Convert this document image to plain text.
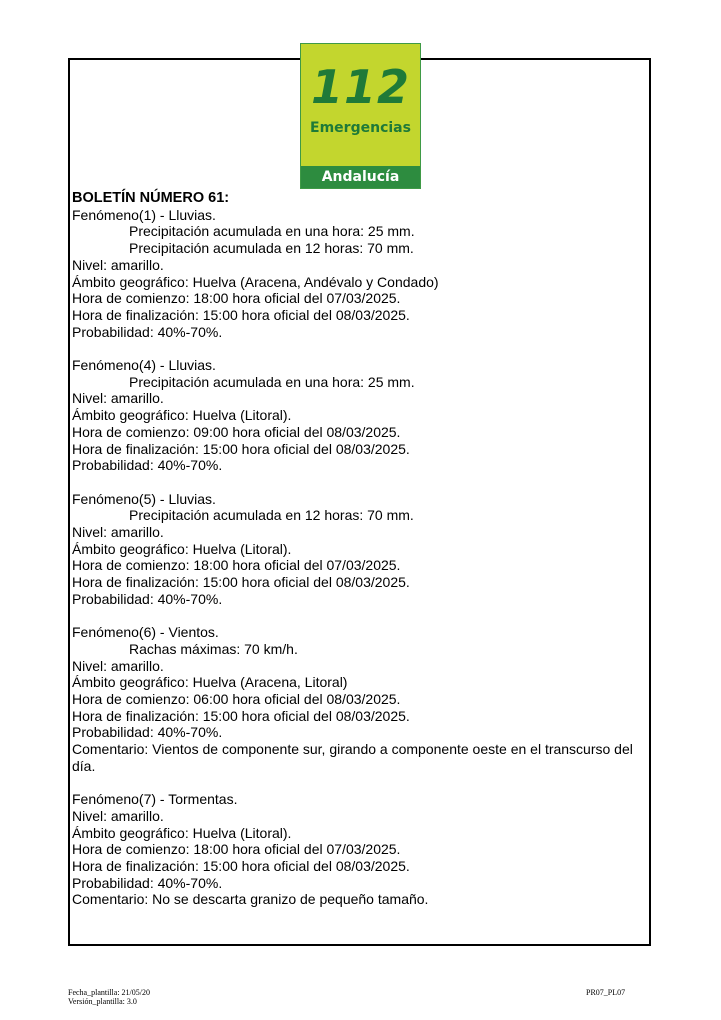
112
Emergencias
Andalucía

BOLETÍN NÚMERO 61:

Fenómeno(1) - Lluvias.

Precipitación acumulada en una hora: 25 mm.

Precipitación acumulada en 12 horas: 70 mm.

Nivel: amarillo.

Ámbito geográfico: Huelva (Aracena, Andévalo y Condado)

Hora de comienzo: 18:00 hora oficial del 07/03/2025.

Hora de finalización: 15:00 hora oficial del 08/03/2025.

Probabilidad: 40%-70%.

Fenómeno(4) - Lluvias.

Precipitación acumulada en una hora: 25 mm.

Nivel: amarillo.

Ámbito geográfico: Huelva (Litoral).

Hora de comienzo: 09:00 hora oficial del 08/03/2025.

Hora de finalización: 15:00 hora oficial del 08/03/2025.

Probabilidad: 40%-70%.

Fenómeno(5) - Lluvias.

Precipitación acumulada en 12 horas: 70 mm.

Nivel: amarillo.

Ámbito geográfico: Huelva (Litoral).

Hora de comienzo: 18:00 hora oficial del 07/03/2025.

Hora de finalización: 15:00 hora oficial del 08/03/2025.

Probabilidad: 40%-70%.

Fenómeno(6) - Vientos.

Rachas máximas: 70 km/h.

Nivel: amarillo.

Ámbito geográfico: Huelva (Aracena, Litoral)

Hora de comienzo: 06:00 hora oficial del 08/03/2025.

Hora de finalización: 15:00 hora oficial del 08/03/2025.

Probabilidad: 40%-70%.

Comentario: Vientos de componente sur, girando a componente oeste en el transcurso del día.

Fenómeno(7) - Tormentas.

Nivel: amarillo.

Ámbito geográfico: Huelva (Litoral).

Hora de comienzo: 18:00 hora oficial del 07/03/2025.

Hora de finalización: 15:00 hora oficial del 08/03/2025.

Probabilidad: 40%-70%.

Comentario: No se descarta granizo de pequeño tamaño.

Fecha_plantilla: 21/05/20
Versión_plantilla: 3.0
PR07_PL07
